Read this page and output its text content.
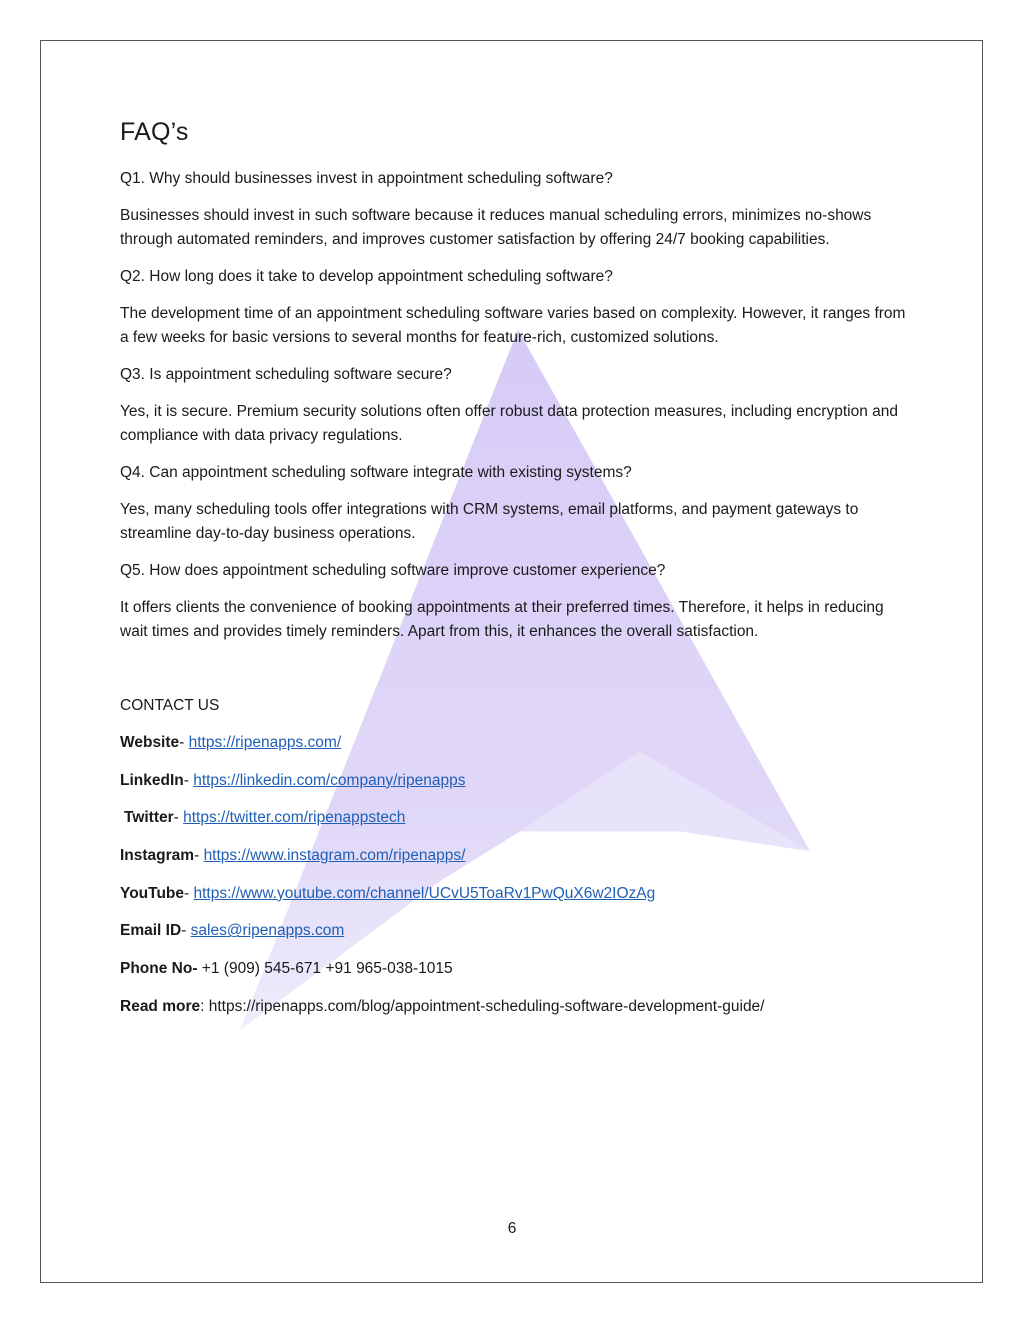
FAQ’s

Q1. Why should businesses invest in appointment scheduling software?

Businesses should invest in such software because it reduces manual scheduling errors, minimizes no-shows through automated reminders, and improves customer satisfaction by offering 24/7 booking capabilities.

Q2. How long does it take to develop appointment scheduling software?

The development time of an appointment scheduling software varies based on complexity. However, it ranges from a few weeks for basic versions to several months for feature-rich, customized solutions.

Q3. Is appointment scheduling software secure?

Yes, it is secure. Premium security solutions often offer robust data protection measures, including encryption and compliance with data privacy regulations.

Q4. Can appointment scheduling software integrate with existing systems?

Yes, many scheduling tools offer integrations with CRM systems, email platforms, and payment gateways to streamline day-to-day business operations.

Q5. How does appointment scheduling software improve customer experience?

It offers clients the convenience of booking appointments at their preferred times. Therefore, it helps in reducing wait times and provides timely reminders. Apart from this, it enhances the overall satisfaction.

CONTACT US

Website- https://ripenapps.com/

LinkedIn- https://linkedin.com/company/ripenapps

Twitter- https://twitter.com/ripenappstech

Instagram- https://www.instagram.com/ripenapps/

YouTube- https://www.youtube.com/channel/UCvU5ToaRv1PwQuX6w2IOzAg

Email ID- sales@ripenapps.com

Phone No- +1 (909) 545-671 +91 965-038-1015

Read more: https://ripenapps.com/blog/appointment-scheduling-software-development-guide/

6
